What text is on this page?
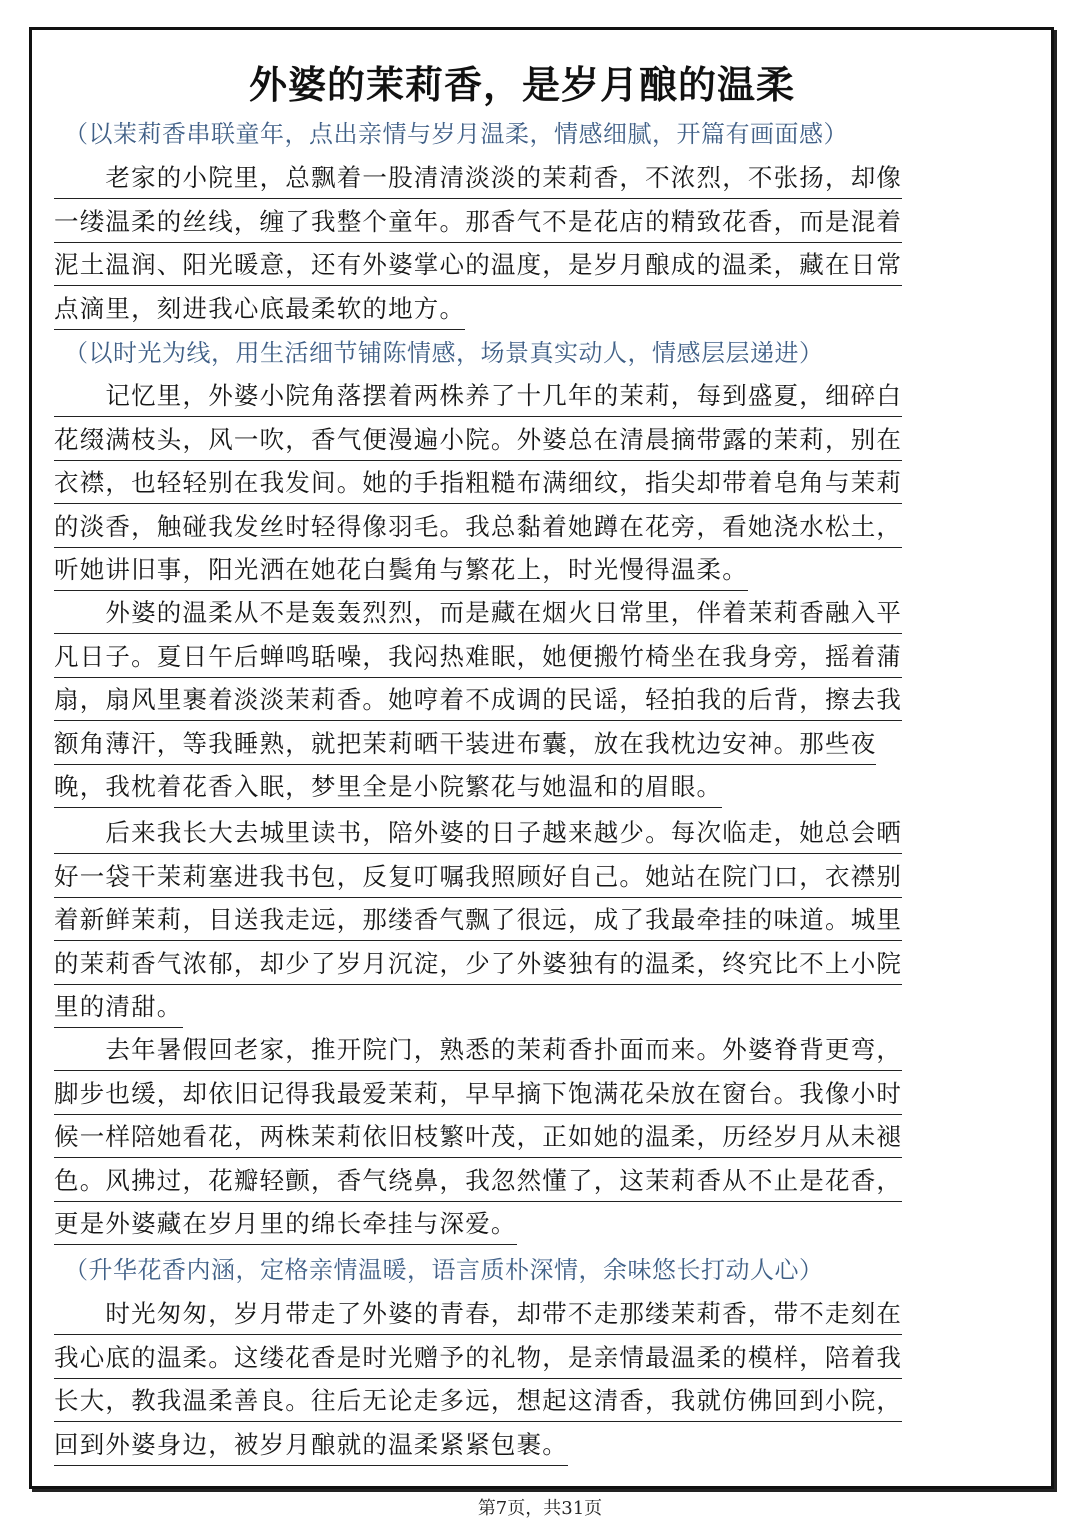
外婆的茉莉香，是岁月酿的温柔
（以茉莉香串联童年，点出亲情与岁月温柔，情感细腻，开篇有画面感）
　　老家的小院里，总飘着一股清清淡淡的茉莉香，不浓烈，不张扬，却像
一缕温柔的丝线，缠了我整个童年。那香气不是花店的精致花香，而是混着
泥土温润、阳光暖意，还有外婆掌心的温度，是岁月酿成的温柔，藏在日常
点滴里，刻进我心底最柔软的地方。
（以时光为线，用生活细节铺陈情感，场景真实动人，情感层层递进）
　　记忆里，外婆小院角落摆着两株养了十几年的茉莉，每到盛夏，细碎白
花缀满枝头，风一吹，香气便漫遍小院。外婆总在清晨摘带露的茉莉，别在
衣襟，也轻轻别在我发间。她的手指粗糙布满细纹，指尖却带着皂角与茉莉
的淡香，触碰我发丝时轻得像羽毛。我总黏着她蹲在花旁，看她浇水松土，
听她讲旧事，阳光洒在她花白鬓角与繁花上，时光慢得温柔。
　　外婆的温柔从不是轰轰烈烈，而是藏在烟火日常里，伴着茉莉香融入平
凡日子。夏日午后蝉鸣聒噪，我闷热难眠，她便搬竹椅坐在我身旁，摇着蒲
扇，扇风里裹着淡淡茉莉香。她哼着不成调的民谣，轻拍我的后背，擦去我
额角薄汗，等我睡熟，就把茉莉晒干装进布囊，放在我枕边安神。那些夜
晚，我枕着花香入眠，梦里全是小院繁花与她温和的眉眼。
　　后来我长大去城里读书，陪外婆的日子越来越少。每次临走，她总会晒
好一袋干茉莉塞进我书包，反复叮嘱我照顾好自己。她站在院门口，衣襟别
着新鲜茉莉，目送我走远，那缕香气飘了很远，成了我最牵挂的味道。城里
的茉莉香气浓郁，却少了岁月沉淀，少了外婆独有的温柔，终究比不上小院
里的清甜。
　　去年暑假回老家，推开院门，熟悉的茉莉香扑面而来。外婆脊背更弯，
脚步也缓，却依旧记得我最爱茉莉，早早摘下饱满花朵放在窗台。我像小时
候一样陪她看花，两株茉莉依旧枝繁叶茂，正如她的温柔，历经岁月从未褪
色。风拂过，花瓣轻颤，香气绕鼻，我忽然懂了，这茉莉香从不止是花香，
更是外婆藏在岁月里的绵长牵挂与深爱。
（升华花香内涵，定格亲情温暖，语言质朴深情，余味悠长打动人心）
　　时光匆匆，岁月带走了外婆的青春，却带不走那缕茉莉香，带不走刻在
我心底的温柔。这缕花香是时光赠予的礼物，是亲情最温柔的模样，陪着我
长大，教我温柔善良。往后无论走多远，想起这清香，我就仿佛回到小院，
回到外婆身边，被岁月酿就的温柔紧紧包裹。
第7页，共31页
